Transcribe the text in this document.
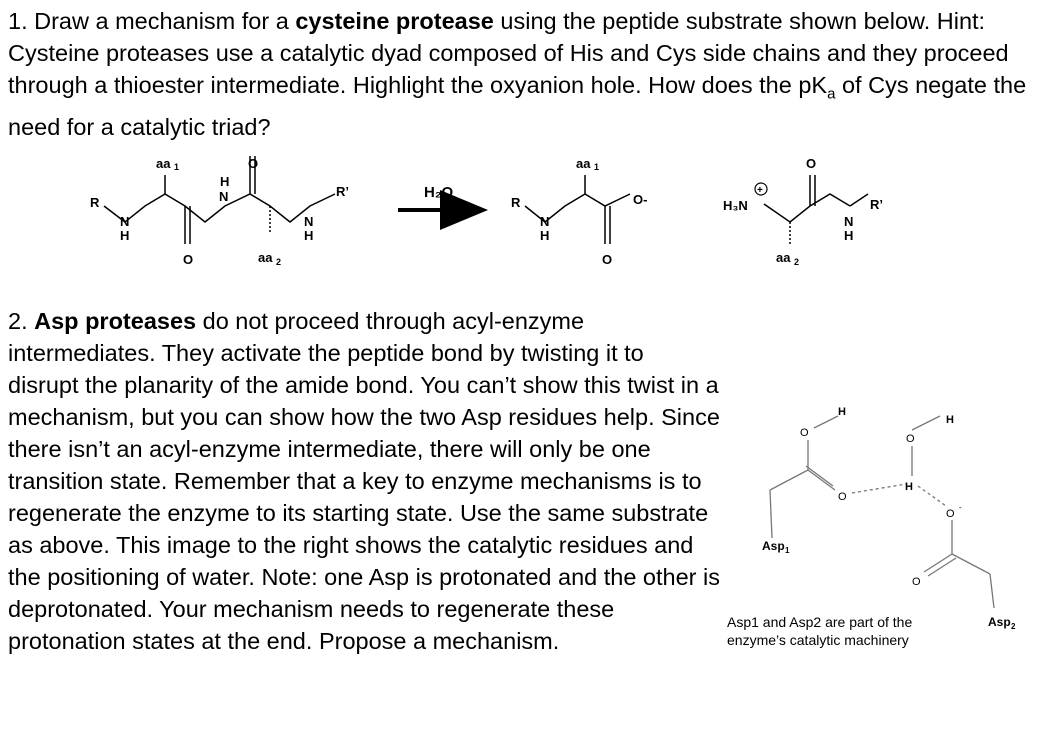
1. Draw a mechanism for a cysteine protease using the peptide substrate shown below. Hint: Cysteine proteases use a catalytic dyad composed of His and Cys side chains and they proceed through a thioester intermediate. Highlight the oxyanion hole. How does the $pK_a$ of Cys negate the need for a catalytic triad?

2. Asp proteases do not proceed through acyl-enzyme intermediates. They activate the peptide bond by twisting it to disrupt the planarity of the amide bond. You can’t show this twist in a mechanism, but you can show how the two Asp residues help. Since there isn’t an acyl-enzyme intermediate, there will only be one transition state. Remember that a key to enzyme mechanisms is to regenerate the enzyme to its starting state. Use the same substrate as above. This image to the right shows the catalytic residues and the positioning of water. Note: one Asp is protonated and the other is deprotonated. Your mechanism needs to regenerate these protonation states at the end. Propose a mechanism.

R
N
H
aa 1
O
H
N
O
aa 2
N
H
R’	H₂O
R
N
H
aa 1
O
O-	H₃N
+
O
aa 2
N
H
R’
O
H
O
Asp 1
O
H
H
O
-
O
Asp 2
Asp1 and Asp2 are part of the
enzyme’s catalytic machinery
